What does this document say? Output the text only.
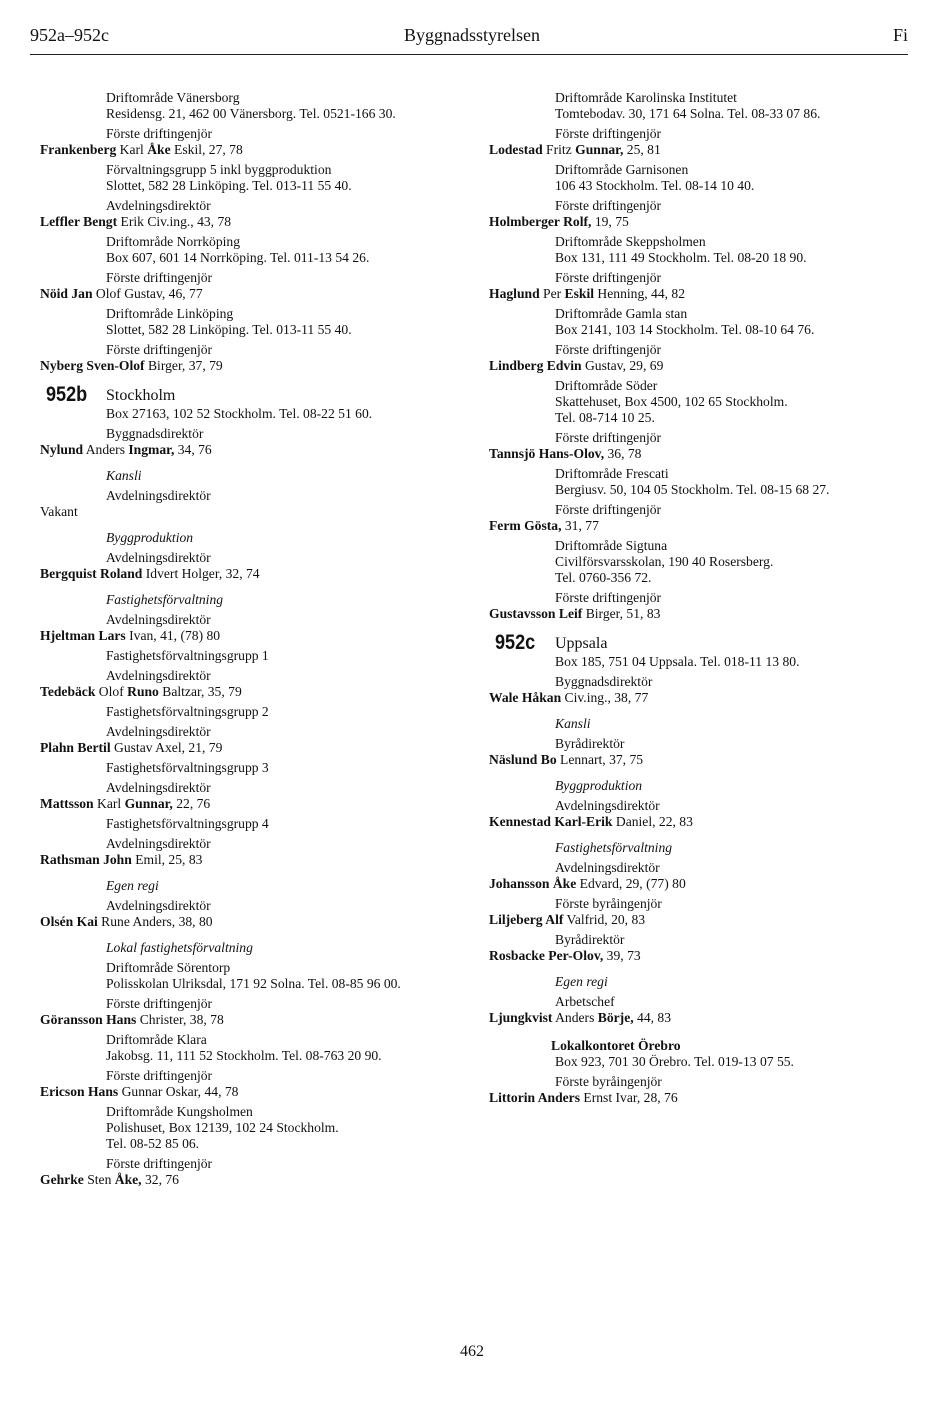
952a–952c	Byggnadsstyrelsen	Fi
Driftområde Vänersborg
Residensg. 21, 462 00 Vänersborg. Tel. 0521-166 30.
Förste driftingenjör
Frankenberg Karl Åke Eskil, 27, 78
Förvaltningsgrupp 5 inkl byggproduktion
Slottet, 582 28 Linköping. Tel. 013-11 55 40.
Avdelningsdirektör
Leffler Bengt Erik Civ.ing., 43, 78
Driftområde Norrköping
Box 607, 601 14 Norrköping. Tel. 011-13 54 26.
Förste driftingenjör
Nöid Jan Olof Gustav, 46, 77
Driftområde Linköping
Slottet, 582 28 Linköping. Tel. 013-11 55 40.
Förste driftingenjör
Nyberg Sven-Olof Birger, 37, 79
952b Stockholm
Box 27163, 102 52 Stockholm. Tel. 08-22 51 60.
Byggnadsdirektör
Nylund Anders Ingmar, 34, 76
Kansli
Avdelningsdirektör
Vakant
Byggproduktion
Avdelningsdirektör
Bergquist Roland Idvert Holger, 32, 74
Fastighetsförvaltning
Avdelningsdirektör
Hjeltman Lars Ivan, 41, (78) 80
Fastighetsförvaltningsgrupp 1
Avdelningsdirektör
Tedebäck Olof Runo Baltzar, 35, 79
Fastighetsförvaltningsgrupp 2
Avdelningsdirektör
Plahn Bertil Gustav Axel, 21, 79
Fastighetsförvaltningsgrupp 3
Avdelningsdirektör
Mattsson Karl Gunnar, 22, 76
Fastighetsförvaltningsgrupp 4
Avdelningsdirektör
Rathsman John Emil, 25, 83
Egen regi
Avdelningsdirektör
Olsén Kai Rune Anders, 38, 80
Lokal fastighetsförvaltning
Driftområde Sörentorp
Polisskolan Ulriksdal, 171 92 Solna. Tel. 08-85 96 00.
Förste driftingenjör
Göransson Hans Christer, 38, 78
Driftområde Klara
Jakobsg. 11, 111 52 Stockholm. Tel. 08-763 20 90.
Förste driftingenjör
Ericson Hans Gunnar Oskar, 44, 78
Driftområde Kungsholmen
Polishuset, Box 12139, 102 24 Stockholm.
Tel. 08-52 85 06.
Förste driftingenjör
Gehrke Sten Åke, 32, 76
Driftområde Karolinska Institutet
Tomtebodav. 30, 171 64 Solna. Tel. 08-33 07 86.
Förste driftingenjör
Lodestad Fritz Gunnar, 25, 81
Driftområde Garnisonen
106 43 Stockholm. Tel. 08-14 10 40.
Förste driftingenjör
Holmberger Rolf, 19, 75
Driftområde Skeppsholmen
Box 131, 111 49 Stockholm. Tel. 08-20 18 90.
Förste driftingenjör
Haglund Per Eskil Henning, 44, 82
Driftområde Gamla stan
Box 2141, 103 14 Stockholm. Tel. 08-10 64 76.
Förste driftingenjör
Lindberg Edvin Gustav, 29, 69
Driftområde Söder
Skattehuset, Box 4500, 102 65 Stockholm.
Tel. 08-714 10 25.
Förste driftingenjör
Tannsjö Hans-Olov, 36, 78
Driftområde Frescati
Bergiusv. 50, 104 05 Stockholm. Tel. 08-15 68 27.
Förste driftingenjör
Ferm Gösta, 31, 77
Driftområde Sigtuna
Civilförsvarsskolan, 190 40 Rosersberg.
Tel. 0760-356 72.
Förste driftingenjör
Gustavsson Leif Birger, 51, 83
952c Uppsala
Box 185, 751 04 Uppsala. Tel. 018-11 13 80.
Byggnadsdirektör
Wale Håkan Civ.ing., 38, 77
Kansli
Byrådirektör
Näslund Bo Lennart, 37, 75
Byggproduktion
Avdelningsdirektör
Kennestad Karl-Erik Daniel, 22, 83
Fastighetsförvaltning
Avdelningsdirektör
Johansson Åke Edvard, 29, (77) 80
Förste byråingenjör
Liljeberg Alf Valfrid, 20, 83
Byrådirektör
Rosbacke Per-Olov, 39, 73
Egen regi
Arbetschef
Ljungkvist Anders Börje, 44, 83
Lokalkontoret Örebro
Box 923, 701 30 Örebro. Tel. 019-13 07 55.
Förste byråingenjör
Littorin Anders Ernst Ivar, 28, 76
462
